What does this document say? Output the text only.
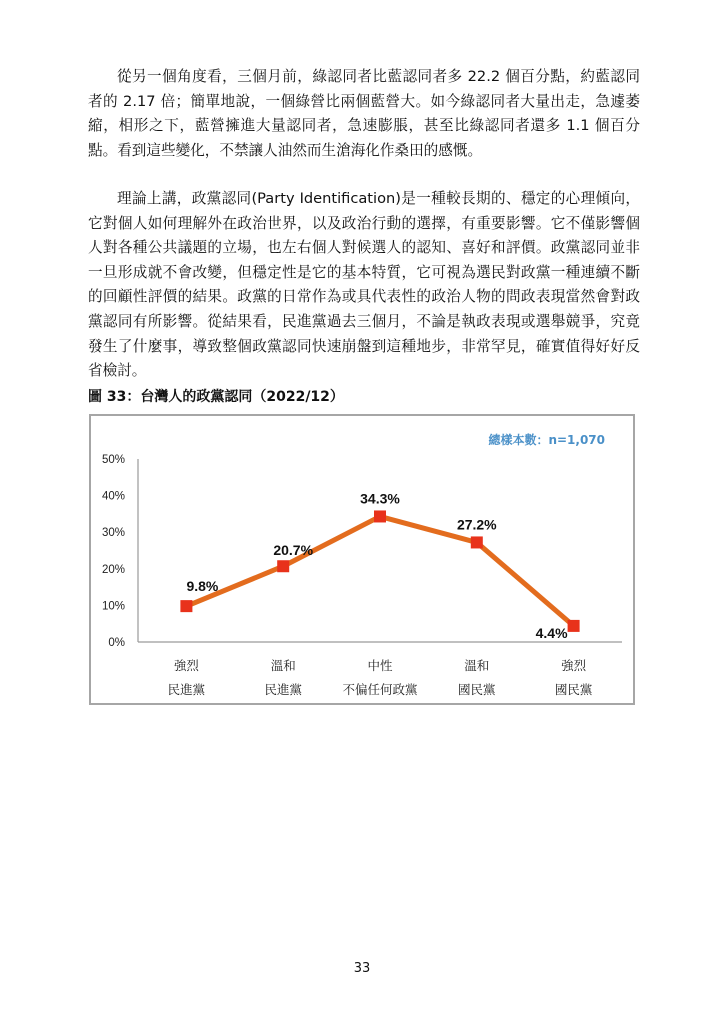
從另一個角度看，三個月前，綠認同者比藍認同者多 22.2 個百分點，約藍認同者的 2.17 倍；簡單地說，一個綠營比兩個藍營大。如今綠認同者大量出走，急遽萎縮，相形之下，藍營擁進大量認同者，急速膨脹，甚至比綠認同者還多 1.1 個百分點。看到這些變化，不禁讓人油然而生滄海化作桑田的感慨。

理論上講，政黨認同(Party Identification)是一種較長期的、穩定的心理傾向，它對個人如何理解外在政治世界，以及政治行動的選擇，有重要影響。它不僅影響個人對各種公共議題的立場，也左右個人對候選人的認知、喜好和評價。政黨認同並非一旦形成就不會改變，但穩定性是它的基本特質，它可視為選民對政黨一種連續不斷的回顧性評價的結果。政黨的日常作為或具代表性的政治人物的問政表現當然會對政黨認同有所影響。從結果看，民進黨過去三個月，不論是執政表現或選舉競爭，究竟發生了什麼事，導致整個政黨認同快速崩盤到這種地步，非常罕見，確實值得好好反省檢討。

圖 33：台灣人的政黨認同（2022/12）

0%
10%
20%
30%
40%
50%
強烈
民進黨
溫和
民進黨
中性
不偏任何政黨
溫和
國民黨
強烈
國民黨
總樣本數：n=1,070
9.8%
20.7%
34.3%
27.2%
4.4%

33
